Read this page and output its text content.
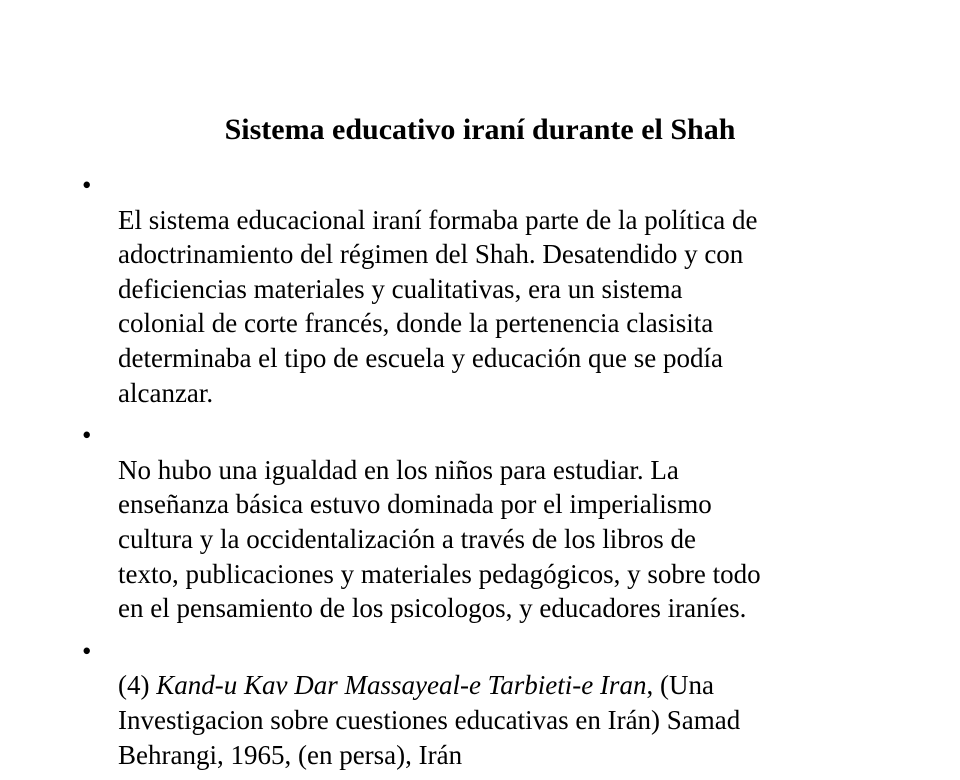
Sistema educativo iraní durante el Shah

•
El sistema educacional iraní formaba parte de la política de
adoctrinamiento del régimen del Shah. Desatendido y con
deficiencias materiales y cualitativas, era un sistema
colonial de corte francés, donde la pertenencia clasisita
determinaba el tipo de escuela y educación que se podía
alcanzar.

•
No hubo una igualdad en los niños para estudiar. La
enseñanza básica estuvo dominada por el imperialismo
cultura y la occidentalización a través de los libros de
texto, publicaciones y materiales pedagógicos, y sobre todo
en el pensamiento de los psicologos, y educadores iraníes.

•
(4) Kand-u Kav Dar Massayeal-e Tarbieti-e Iran, (Una
Investigacion sobre cuestiones educativas en Irán) Samad
Behrangi, 1965, (en persa), Irán
